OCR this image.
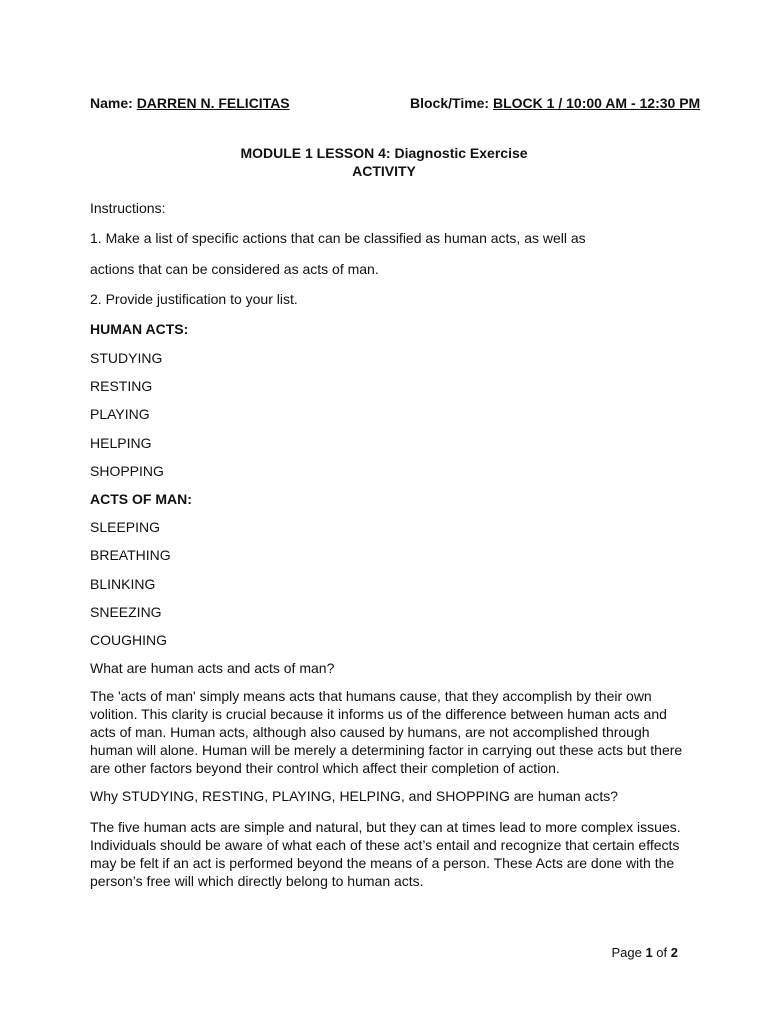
Name: DARREN N. FELICITAS	Block/Time: BLOCK 1 / 10:00 AM - 12:30 PM
MODULE 1 LESSON 4: Diagnostic Exercise
ACTIVITY
Instructions:
1. Make a list of specific actions that can be classified as human acts, as well as
actions that can be considered as acts of man.
2. Provide justification to your list.
HUMAN ACTS:
STUDYING
RESTING
PLAYING
HELPING
SHOPPING
ACTS OF MAN:
SLEEPING
BREATHING
BLINKING
SNEEZING
COUGHING
What are human acts and acts of man?
The 'acts of man' simply means acts that humans cause, that they accomplish by their own volition. This clarity is crucial because it informs us of the difference between human acts and acts of man. Human acts, although also caused by humans, are not accomplished through human will alone. Human will be merely a determining factor in carrying out these acts but there are other factors beyond their control which affect their completion of action.
Why STUDYING, RESTING, PLAYING, HELPING, and SHOPPING are human acts?
The five human acts are simple and natural, but they can at times lead to more complex issues. Individuals should be aware of what each of these act’s entail and recognize that certain effects may be felt if an act is performed beyond the means of a person. These Acts are done with the person’s free will which directly belong to human acts.
Page 1 of 2
